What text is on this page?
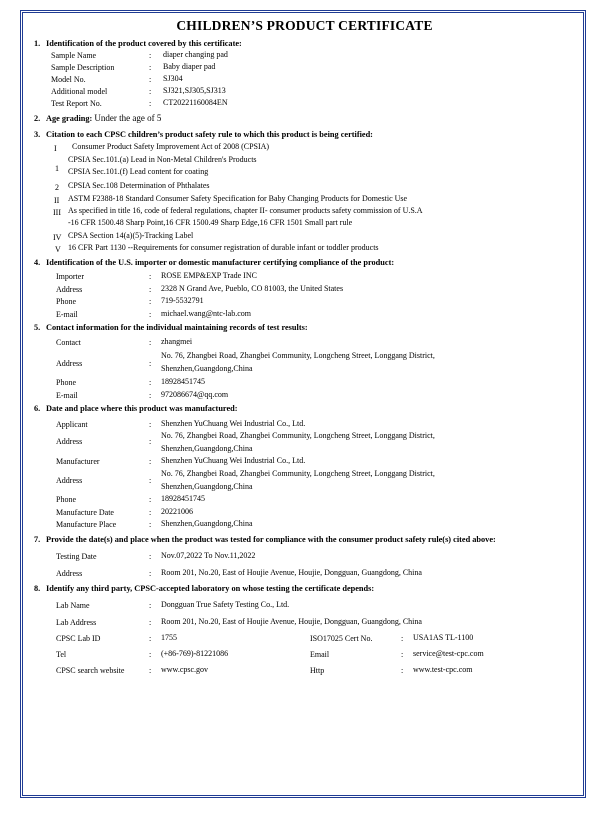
CHILDREN’S PRODUCT CERTIFICATE
1. Identification of the product covered by this certificate:
Sample Name	: diaper changing pad
Sample Description	: Baby diaper pad
Model No.	: SJ304
Additional model	: SJ321,SJ305,SJ313
Test Report No.	: CT20221160084EN
2. Age grading: Under the age of 5
3. Citation to each CPSC children’s product safety rule to which this product is being certified:
I Consumer Product Safety Improvement Act of 2008 (CPSIA)
1
CPSIA Sec.101.(a) Lead in Non-Metal Children's Products
CPSIA Sec.101.(f) Lead content for coating
2 CPSIA Sec.108 Determination of Phthalates
II ASTM F2388-18 Standard Consumer Safety Specification for Baby Changing Products for Domestic Use
III As specified in title 16, code of federal regulations, chapter II- consumer products safety commission of U.S.A
-16 CFR 1500.48 Sharp Point,16 CFR 1500.49 Sharp Edge,16 CFR 1501 Small part rule
IV CPSA Section 14(a)(5)-Tracking Label
V 16 CFR Part 1130 --Requirements for consumer registration of durable infant or toddler products
4. Identification of the U.S. importer or domestic manufacturer certifying compliance of the product:
Importer	: ROSE EMP&EXP Trade INC
Address	: 2328 N Grand Ave, Pueblo, CO 81003, the United States
Phone	: 719-5532791
E-mail	: michael.wang@ntc-lab.com
5. Contact information for the individual maintaining records of test results:
Contact	: zhangmei
Address	:
No. 76, Zhangbei Road, Zhangbei Community, Longcheng Street, Longgang District,
Shenzhen,Guangdong,China
Phone	: 18928451745
E-mail	: 972086674@qq.com
6. Date and place where this product was manufactured:
Applicant	: Shenzhen YuChuang Wei Industrial Co., Ltd.
Address	:
No. 76, Zhangbei Road, Zhangbei Community, Longcheng Street, Longgang District,
Shenzhen,Guangdong,China
Manufacturer	: Shenzhen YuChuang Wei Industrial Co., Ltd.
Address	:
No. 76, Zhangbei Road, Zhangbei Community, Longcheng Street, Longgang District,
Shenzhen,Guangdong,China
Phone	: 18928451745
Manufacture Date	: 20221006
Manufacture Place	: Shenzhen,Guangdong,China
7. Provide the date(s) and place when the product was tested for compliance with the consumer product safety rule(s) cited above:
Testing Date	: Nov.07,2022 To Nov.11,2022
Address	: Room 201, No.20, East of Houjie Avenue, Houjie, Dongguan, Guangdong, China
8. Identify any third party, CPSC-accepted laboratory on whose testing the certificate depends:
Lab Name	: Dongguan True Safety Testing Co., Ltd.
Lab Address	: Room 201, No.20, East of Houjie Avenue, Houjie, Dongguan, Guangdong, China
CPSC Lab ID	: 1755	ISO17025 Cert No.	: USA1AS TL-1100
Tel	: (+86-769)-81221086	Email	: service@test-cpc.com
CPSC search website	: www.cpsc.gov	Http	: www.test-cpc.com
